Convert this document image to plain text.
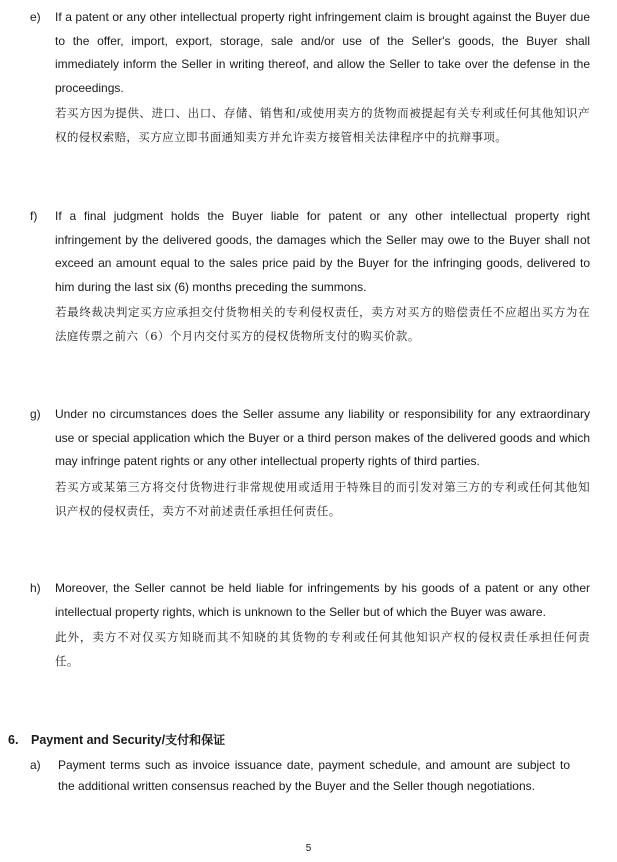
e)	If a patent or any other intellectual property right infringement claim is brought against the Buyer due to the offer, import, export, storage, sale and/or use of the Seller's goods, the Buyer shall immediately inform the Seller in writing thereof, and allow the Seller to take over the defense in the proceedings.

若买方因为提供、进口、出口、存储、销售和/或使用卖方的货物而被提起有关专利或任何其他知识产权的侵权索赔，买方应立即书面通知卖方并允许卖方接管相关法律程序中的抗辩事项。

f)	If a final judgment holds the Buyer liable for patent or any other intellectual property right infringement by the delivered goods, the damages which the Seller may owe to the Buyer shall not exceed an amount equal to the sales price paid by the Buyer for the infringing goods, delivered to him during the last six (6) months preceding the summons.

若最终裁决判定买方应承担交付货物相关的专利侵权责任，卖方对买方的赔偿责任不应超出买方为在法庭传票之前六（6）个月内交付买方的侵权货物所支付的购买价款。

g)	Under no circumstances does the Seller assume any liability or responsibility for any extraordinary use or special application which the Buyer or a third person makes of the delivered goods and which may infringe patent rights or any other intellectual property rights of third parties.

若买方或某第三方将交付货物进行非常规使用或适用于特殊目的而引发对第三方的专利或任何其他知识产权的侵权责任，卖方不对前述责任承担任何责任。

h)	Moreover, the Seller cannot be held liable for infringements by his goods of a patent or any other intellectual property rights, which is unknown to the Seller but of which the Buyer was aware.

此外，卖方不对仅买方知晓而其不知晓的其货物的专利或任何其他知识产权的侵权责任承担任何责任。

6. Payment and Security/支付和保证
a)	Payment terms such as invoice issuance date, payment schedule, and amount are subject to the additional written consensus reached by the Buyer and the Seller though negotiations.

5
